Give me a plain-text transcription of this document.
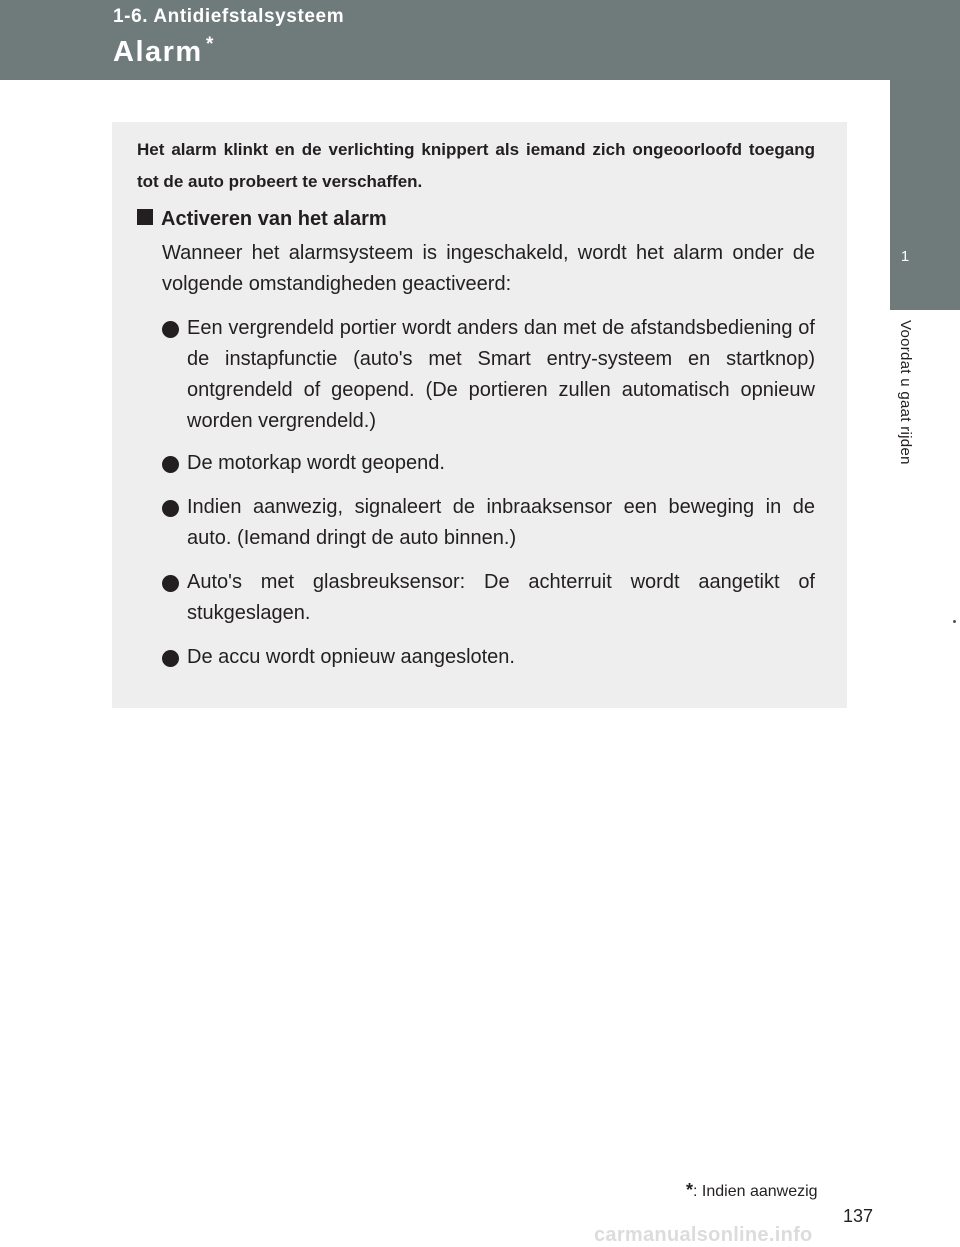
1-6. Antidiefstalsysteem
Alarm *
1
Voordat u gaat rijden
Het alarm klinkt en de verlichting knippert als iemand zich ongeoorloofd toegang tot de auto probeert te verschaffen.
Activeren van het alarm
Wanneer het alarmsysteem is ingeschakeld, wordt het alarm onder de volgende omstandigheden geactiveerd:
Een vergrendeld portier wordt anders dan met de afstandsbediening of de instapfunctie (auto's met Smart entry-systeem en startknop) ontgrendeld of geopend. (De portieren zullen automatisch opnieuw worden vergrendeld.)
De motorkap wordt geopend.
Indien aanwezig, signaleert de inbraaksensor een beweging in de auto. (Iemand dringt de auto binnen.)
Auto's met glasbreuksensor: De achterruit wordt aangetikt of stukgeslagen.
De accu wordt opnieuw aangesloten.
*: Indien aanwezig
137
carmanualsonline.info
